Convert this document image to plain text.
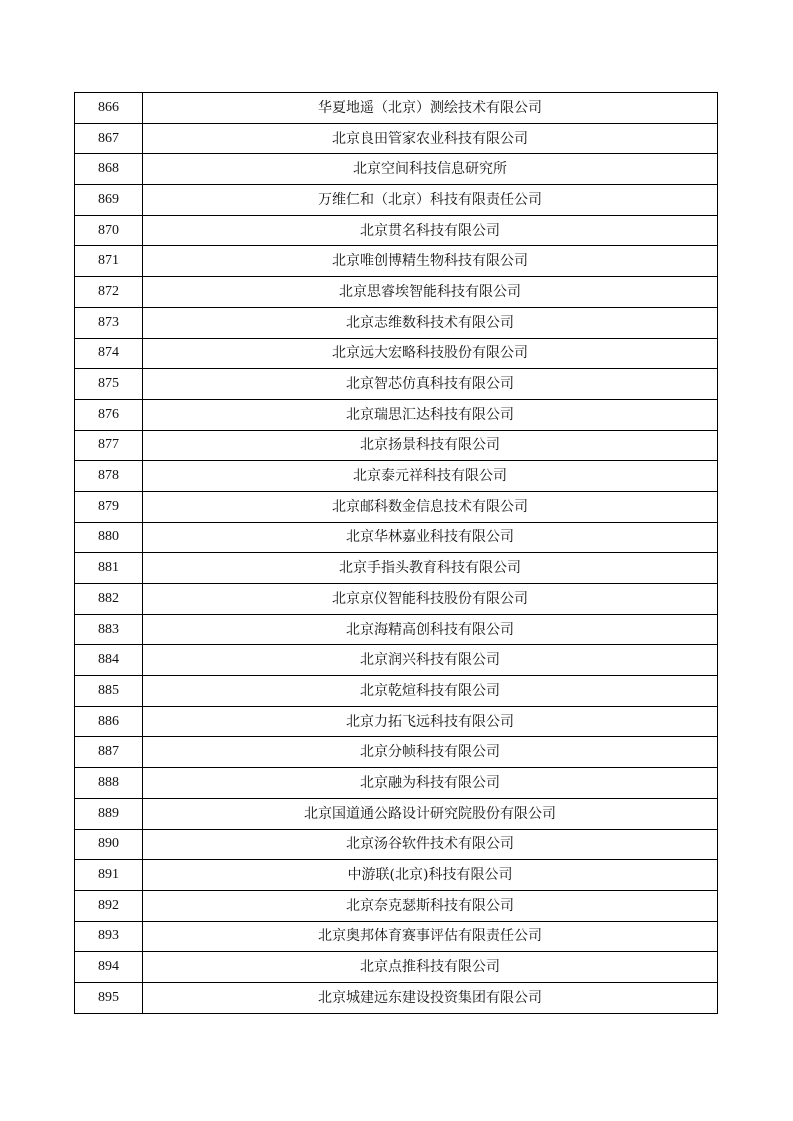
866	华夏地遥（北京）测绘技术有限公司
867	北京良田管家农业科技有限公司
868	北京空间科技信息研究所
869	万维仁和（北京）科技有限责任公司
870	北京贯名科技有限公司
871	北京唯创博精生物科技有限公司
872	北京思睿埃智能科技有限公司
873	北京志维数科技术有限公司
874	北京远大宏略科技股份有限公司
875	北京智芯仿真科技有限公司
876	北京瑞思汇达科技有限公司
877	北京扬景科技有限公司
878	北京泰元祥科技有限公司
879	北京邮科数金信息技术有限公司
880	北京华林嘉业科技有限公司
881	北京手指头教育科技有限公司
882	北京京仪智能科技股份有限公司
883	北京海精高创科技有限公司
884	北京润兴科技有限公司
885	北京乾煊科技有限公司
886	北京力拓飞远科技有限公司
887	北京分帧科技有限公司
888	北京融为科技有限公司
889	北京国道通公路设计研究院股份有限公司
890	北京汤谷软件技术有限公司
891	中游联(北京)科技有限公司
892	北京奈克瑟斯科技有限公司
893	北京奥邦体育赛事评估有限责任公司
894	北京点推科技有限公司
895	北京城建远东建设投资集团有限公司
